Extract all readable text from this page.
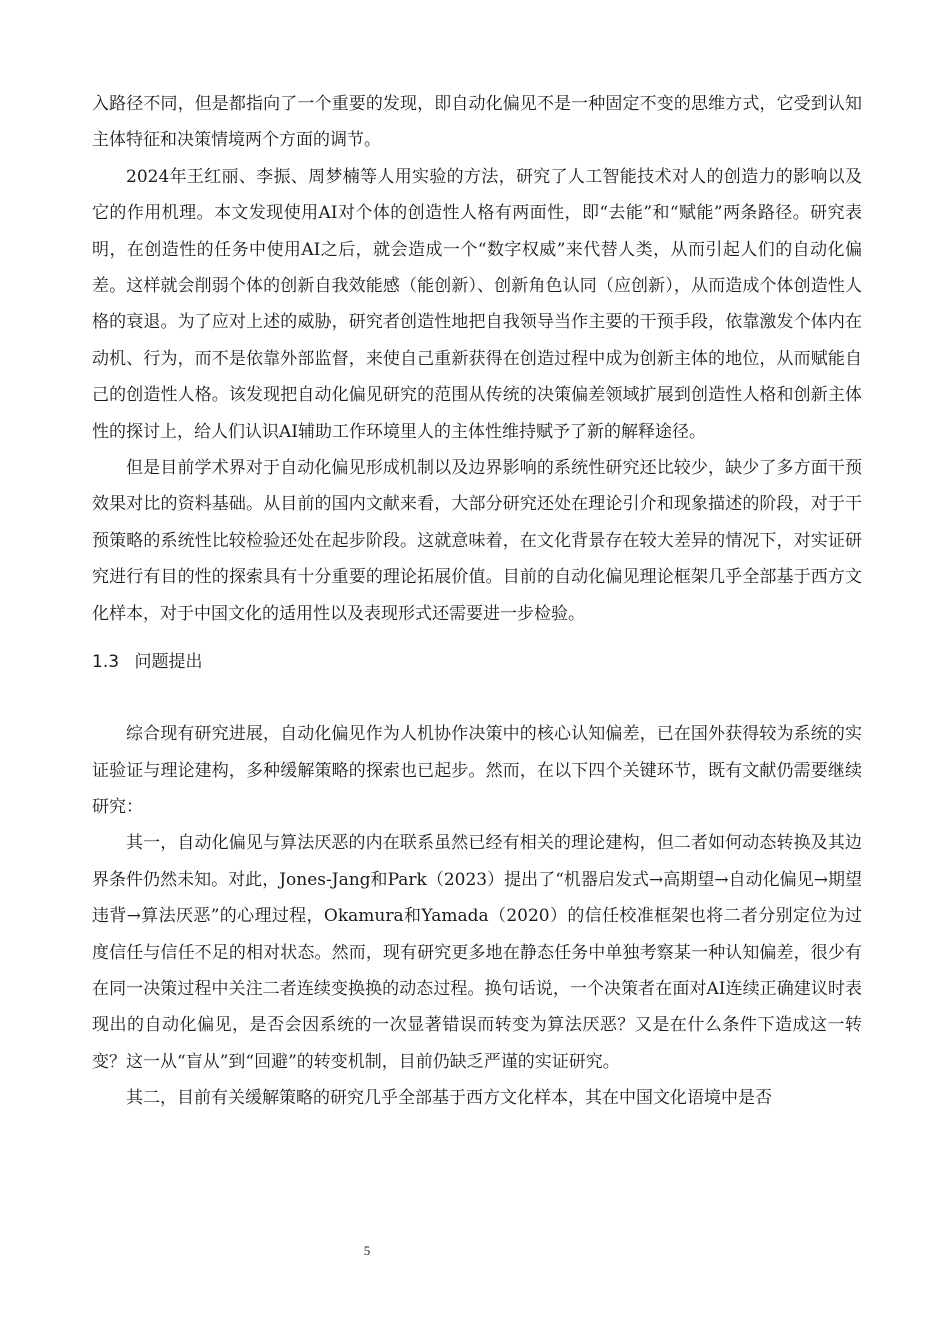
入路径不同，但是都指向了一个重要的发现，即自动化偏见不是一种固定不变的思维方式，它受到认知主体特征和决策情境两个方面的调节。

2024年王红丽、李振、周梦楠等人用实验的方法，研究了人工智能技术对人的创造力的影响以及它的作用机理。本文发现使用AI对个体的创造性人格有两面性，即“去能”和“赋能”两条路径。研究表明，在创造性的任务中使用AI之后，就会造成一个“数字权威”来代替人类，从而引起人们的自动化偏差。这样就会削弱个体的创新自我效能感（能创新）、创新角色认同（应创新），从而造成个体创造性人格的衰退。为了应对上述的威胁，研究者创造性地把自我领导当作主要的干预手段，依靠激发个体内在动机、行为，而不是依靠外部监督，来使自己重新获得在创造过程中成为创新主体的地位，从而赋能自己的创造性人格。该发现把自动化偏见研究的范围从传统的决策偏差领域扩展到创造性人格和创新主体性的探讨上，给人们认识AI辅助工作环境里人的主体性维持赋予了新的解释途径。

但是目前学术界对于自动化偏见形成机制以及边界影响的系统性研究还比较少，缺少了多方面干预效果对比的资料基础。从目前的国内文献来看，大部分研究还处在理论引介和现象描述的阶段，对于干预策略的系统性比较检验还处在起步阶段。这就意味着，在文化背景存在较大差异的情况下，对实证研究进行有目的性的探索具有十分重要的理论拓展价值。目前的自动化偏见理论框架几乎全部基于西方文化样本，对于中国文化的适用性以及表现形式还需要进一步检验。

1.3 问题提出

综合现有研究进展，自动化偏见作为人机协作决策中的核心认知偏差，已在国外获得较为系统的实证验证与理论建构，多种缓解策略的探索也已起步。然而，在以下四个关键环节，既有文献仍需要继续研究：

其一，自动化偏见与算法厌恶的内在联系虽然已经有相关的理论建构，但二者如何动态转换及其边界条件仍然未知。对此，Jones-Jang和Park（2023）提出了“机器启发式→高期望→自动化偏见→期望违背→算法厌恶”的心理过程，Okamura和Yamada（2020）的信任校准框架也将二者分别定位为过度信任与信任不足的相对状态。然而，现有研究更多地在静态任务中单独考察某一种认知偏差，很少有在同一决策过程中关注二者连续变换换的动态过程。换句话说，一个决策者在面对AI连续正确建议时表现出的自动化偏见，是否会因系统的一次显著错误而转变为算法厌恶？又是在什么条件下造成这一转变？这一从“盲从”到“回避”的转变机制，目前仍缺乏严谨的实证研究。

其二，目前有关缓解策略的研究几乎全部基于西方文化样本，其在中国文化语境中是否

5
